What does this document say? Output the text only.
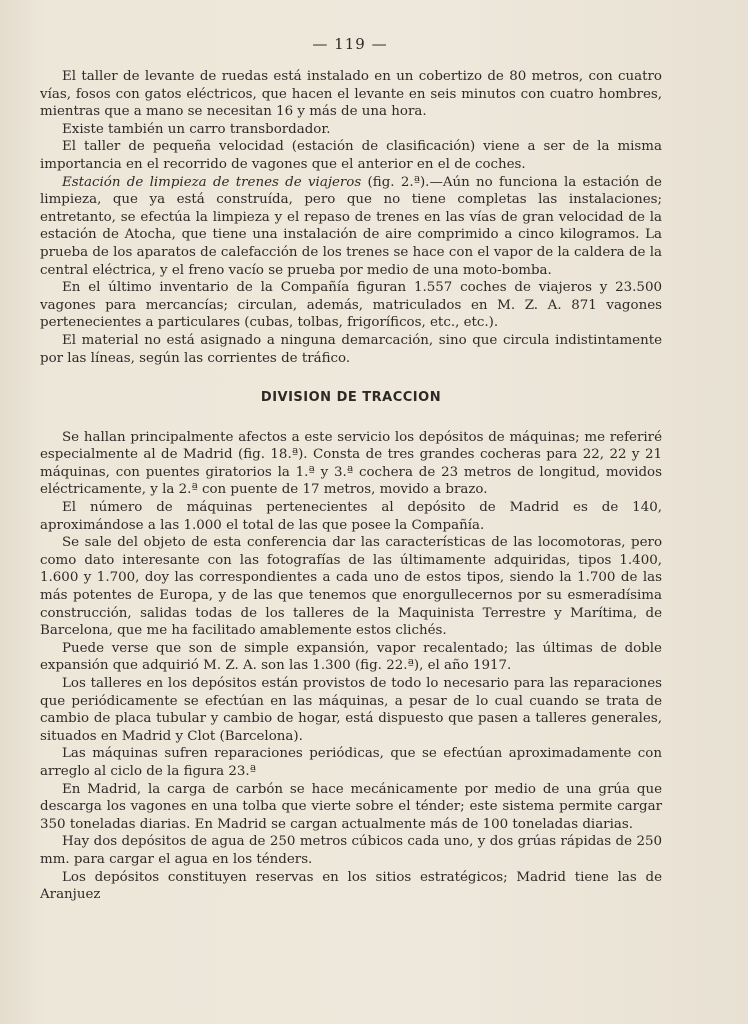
— 119 —

El taller de levante de ruedas está instalado en un cobertizo de 80 metros, con cuatro vías, fosos con gatos eléctricos, que hacen el levante en seis minutos con cuatro hombres, mientras que a mano se necesitan 16 y más de una hora.

Existe también un carro transbordador.

El taller de pequeña velocidad (estación de clasificación) viene a ser de la misma importancia en el recorrido de vagones que el anterior en el de coches.

Estación de limpieza de trenes de viajeros (fig. 2.ª).—Aún no funciona la estación de limpieza, que ya está construída, pero que no tiene completas las instalaciones; entretanto, se efectúa la limpieza y el repaso de trenes en las vías de gran velocidad de la estación de Atocha, que tiene una instalación de aire comprimido a cinco kilogramos. La prueba de los aparatos de calefacción de los trenes se hace con el vapor de la caldera de la central eléctrica, y el freno vacío se prueba por medio de una moto-bomba.

En el último inventario de la Compañía figuran 1.557 coches de viajeros y 23.500 vagones para mercancías; circulan, además, matriculados en M. Z. A. 871 vagones pertenecientes a particulares (cubas, tolbas, frigoríficos, etc., etc.).

El material no está asignado a ninguna demarcación, sino que circula indistintamente por las líneas, según las corrientes de tráfico.

DIVISION DE TRACCION

Se hallan principalmente afectos a este servicio los depósitos de máquinas; me referiré especialmente al de Madrid (fig. 18.ª). Consta de tres grandes cocheras para 22, 22 y 21 máquinas, con puentes giratorios la 1.ª y 3.ª cochera de 23 metros de longitud, movidos eléctricamente, y la 2.ª con puente de 17 metros, movido a brazo.

El número de máquinas pertenecientes al depósito de Madrid es de 140, aproximándose a las 1.000 el total de las que posee la Compañía.

Se sale del objeto de esta conferencia dar las características de las locomotoras, pero como dato interesante con las fotografías de las últimamente adquiridas, tipos 1.400, 1.600 y 1.700, doy las correspondientes a cada uno de estos tipos, siendo la 1.700 de las más potentes de Europa, y de las que tenemos que enorgullecernos por su esmeradísima construcción, salidas todas de los talleres de la Maquinista Terrestre y Marítima, de Barcelona, que me ha facilitado amablemente estos clichés.

Puede verse que son de simple expansión, vapor recalentado; las últimas de doble expansión que adquirió M. Z. A. son las 1.300 (fig. 22.ª), el año 1917.

Los talleres en los depósitos están provistos de todo lo necesario para las reparaciones que periódicamente se efectúan en las máquinas, a pesar de lo cual cuando se trata de cambio de placa tubular y cambio de hogar, está dispuesto que pasen a talleres generales, situados en Madrid y Clot (Barcelona).

Las máquinas sufren reparaciones periódicas, que se efectúan aproximadamente con arreglo al ciclo de la figura 23.ª

En Madrid, la carga de carbón se hace mecánicamente por medio de una grúa que descarga los vagones en una tolba que vierte sobre el ténder; este sistema permite cargar 350 toneladas diarias. En Madrid se cargan actualmente más de 100 toneladas diarias.

Hay dos depósitos de agua de 250 metros cúbicos cada uno, y dos grúas rápidas de 250 mm. para cargar el agua en los ténders.

Los depósitos constituyen reservas en los sitios estratégicos; Madrid tiene las de Aranjuez
